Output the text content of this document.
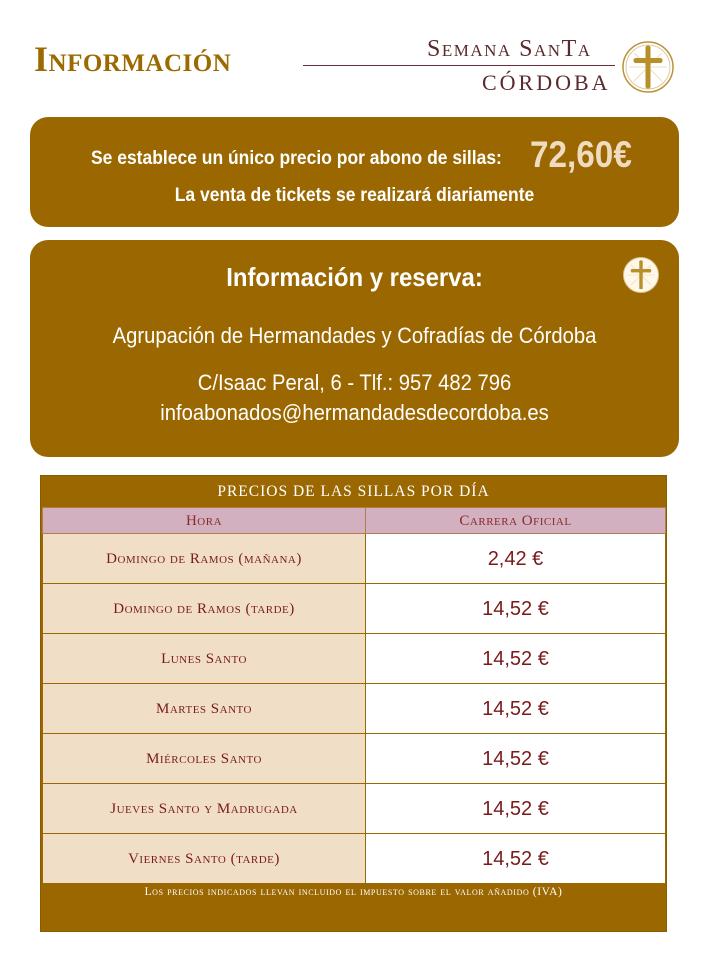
Información	Semana SanTa
CÓRDOBA
Se establece un único precio por abono de sillas: 72,60€
La venta de tickets se realizará diariamente
Información y reserva:
Agrupación de Hermandades y Cofradías de Córdoba
C/Isaac Peral, 6 - Tlf.: 957 482 796
infoabonados@hermandadesdecordoba.es
PRECIOS DE LAS SILLAS POR DÍA
Hora	Carrera Oficial
Domingo de Ramos (mañana)	2,42 €
Domingo de Ramos (tarde)	14,52 €
Lunes Santo	14,52 €
Martes Santo	14,52 €
Miércoles Santo	14,52 €
Jueves Santo y Madrugada	14,52 €
Viernes Santo (tarde)	14,52 €
Los precios indicados llevan incluido el impuesto sobre el valor añadido (IVA)
